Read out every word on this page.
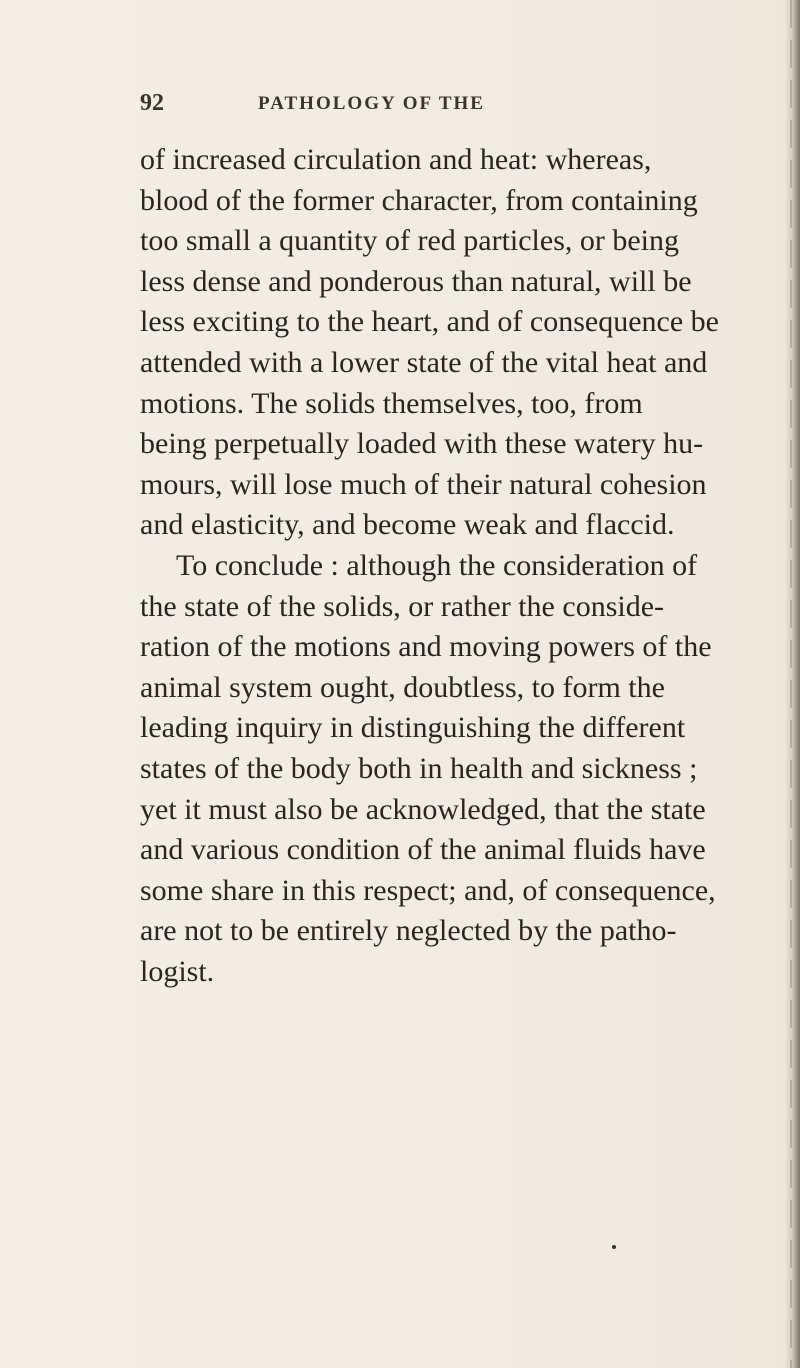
92	PATHOLOGY OF THE
of increased circulation and heat: whereas,
blood of the former character, from containing
too small a quantity of red particles, or being
less dense and ponderous than natural, will be
less exciting to the heart, and of consequence be
attended with a lower state of the vital heat and
motions. The solids themselves, too, from
being perpetually loaded with these watery hu-
mours, will lose much of their natural cohesion
and elasticity, and become weak and flaccid.
To conclude : although the consideration of
the state of the solids, or rather the conside-
ration of the motions and moving powers of the
animal system ought, doubtless, to form the
leading inquiry in distinguishing the different
states of the body both in health and sickness ;
yet it must also be acknowledged, that the state
and various condition of the animal fluids have
some share in this respect; and, of consequence,
are not to be entirely neglected by the patho-
logist.
